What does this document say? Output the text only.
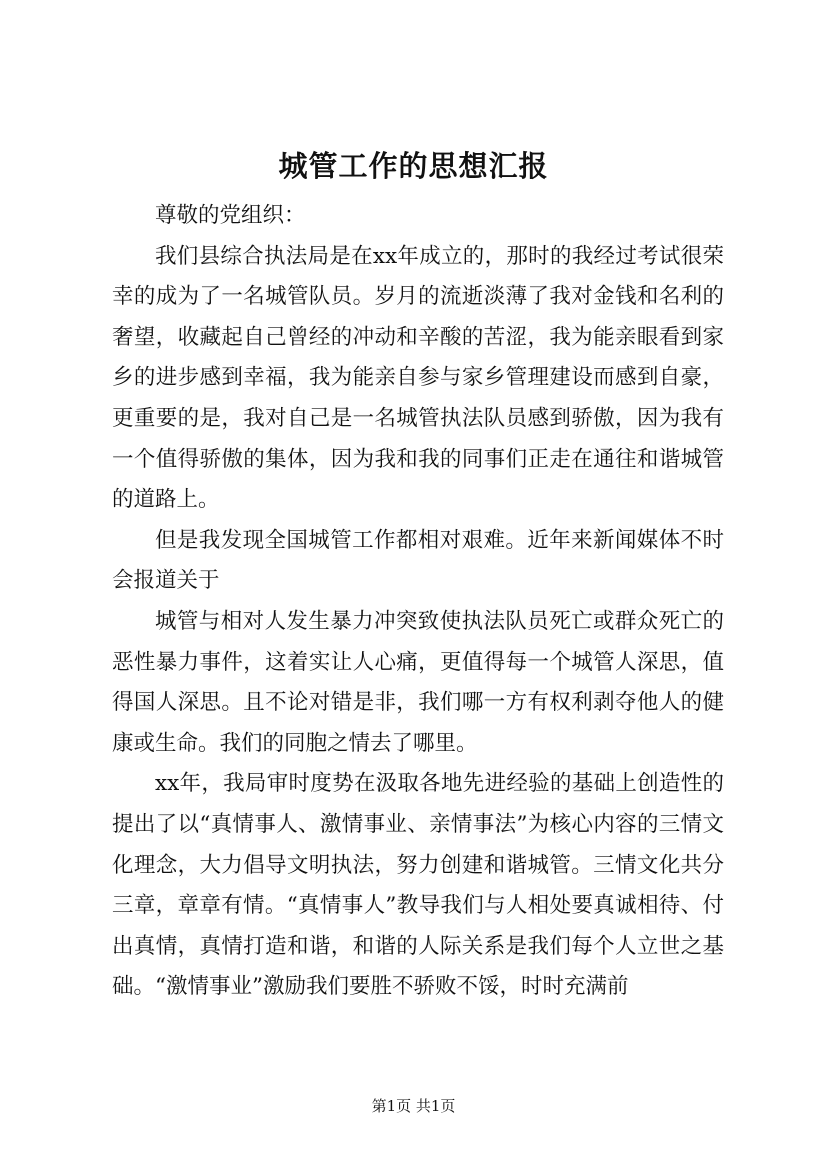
城管工作的思想汇报

尊敬的党组织：

我们县综合执法局是在xx年成立的，那时的我经过考试很荣幸的成为了一名城管队员。岁月的流逝淡薄了我对金钱和名利的奢望，收藏起自己曾经的冲动和辛酸的苦涩，我为能亲眼看到家乡的进步感到幸福，我为能亲自参与家乡管理建设而感到自豪，更重要的是，我对自己是一名城管执法队员感到骄傲，因为我有一个值得骄傲的集体，因为我和我的同事们正走在通往和谐城管的道路上。

但是我发现全国城管工作都相对艰难。近年来新闻媒体不时会报道关于

城管与相对人发生暴力冲突致使执法队员死亡或群众死亡的恶性暴力事件，这着实让人心痛，更值得每一个城管人深思，值得国人深思。且不论对错是非，我们哪一方有权利剥夺他人的健康或生命。我们的同胞之情去了哪里。

xx年，我局审时度势在汲取各地先进经验的基础上创造性的提出了以“真情事人、激情事业、亲情事法”为核心内容的三情文化理念，大力倡导文明执法，努力创建和谐城管。三情文化共分三章，章章有情。“真情事人”教导我们与人相处要真诚相待、付出真情，真情打造和谐，和谐的人际关系是我们每个人立世之基础。“激情事业”激励我们要胜不骄败不馁，时时充满前

第1页 共1页
